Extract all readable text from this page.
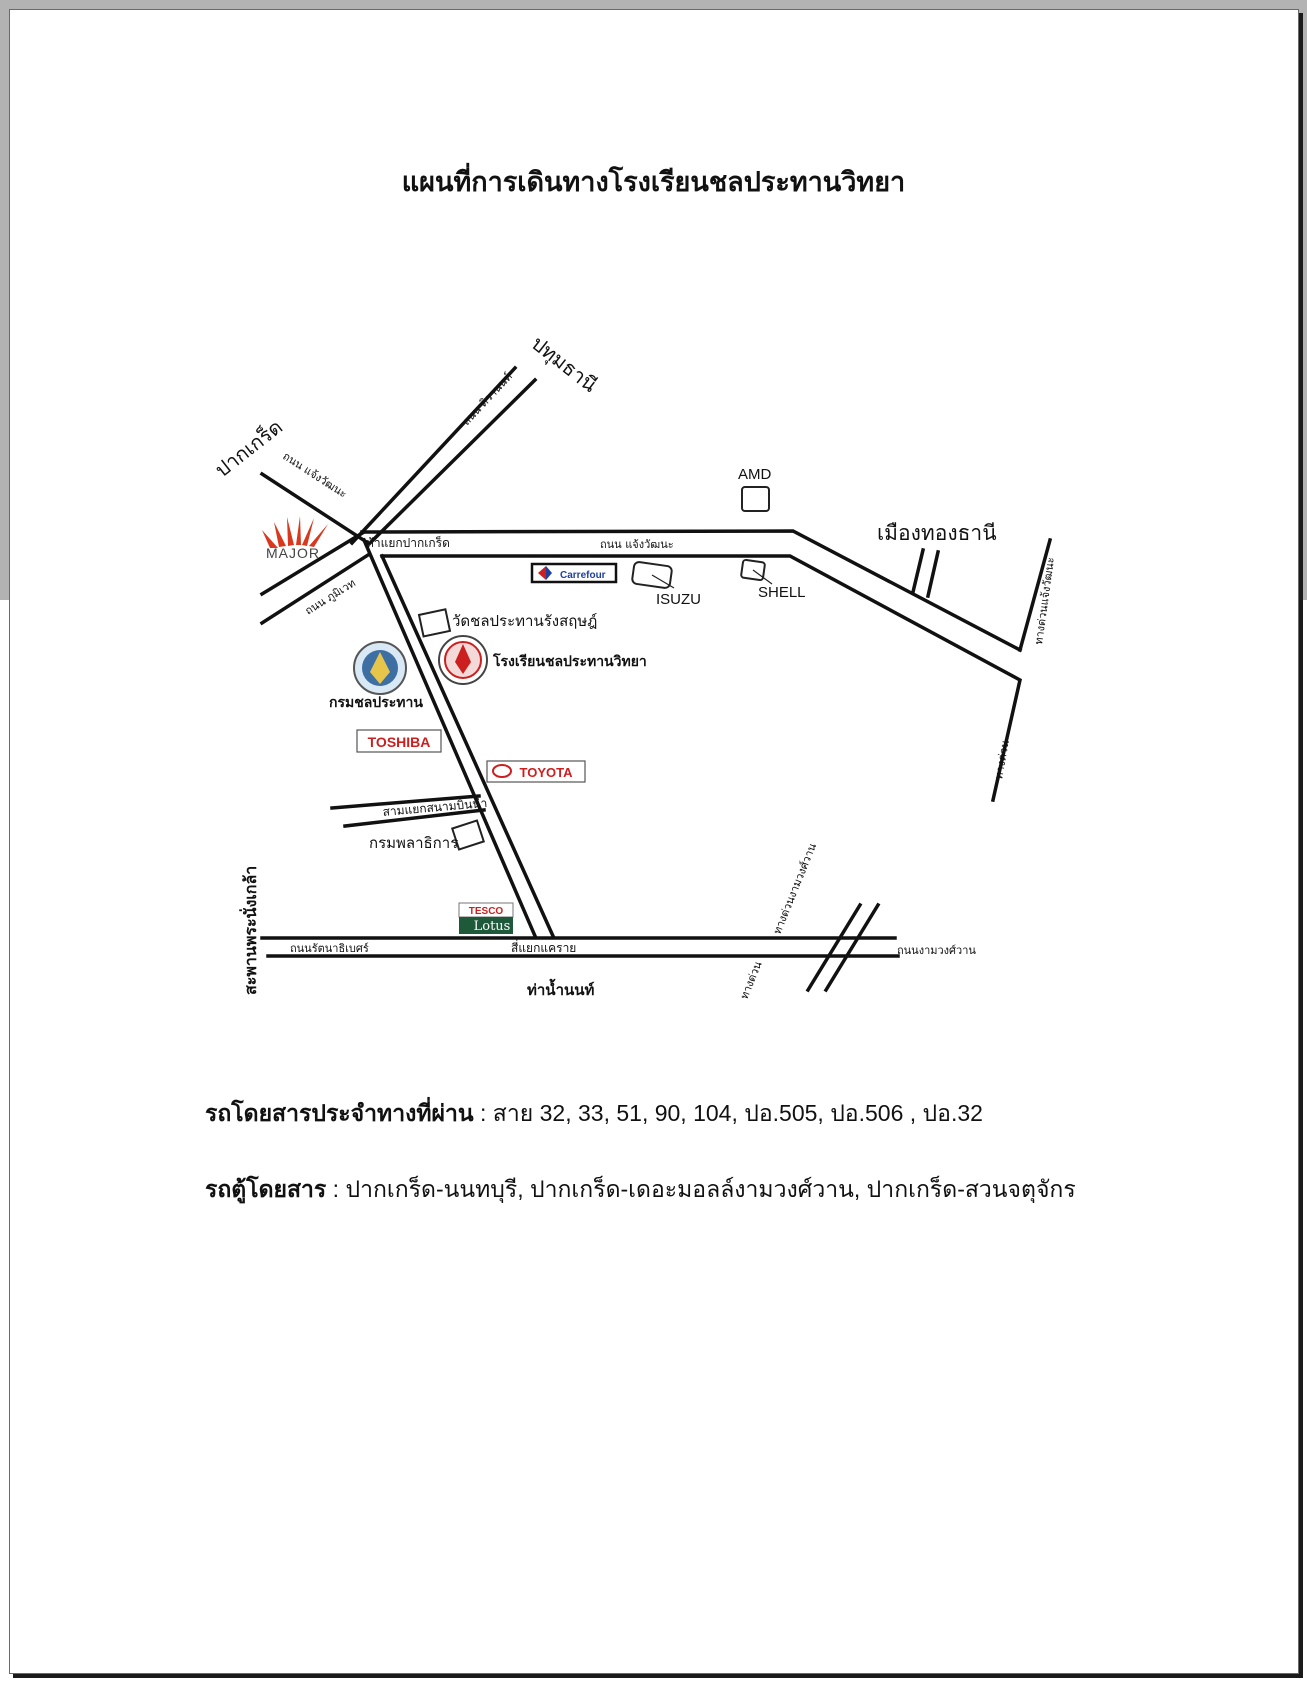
แผนที่การเดินทางโรงเรียนชลประทานวิทยา
MAJOR
Carrefour
TOSHIBA
TOYOTA
TESCO
Lotus
ปากเกร็ด
ปทุมธานี
เมืองทองธานี
ท่าน้ำนนท์
สะพานพระนั่งเกล้า
ถนน แจ้งวัฒนะ
ถนน แจ้งวัฒนะ
ถนน ติวานนท์
ถนน ภูมิเวท	ทางด่วนแจ้งวัฒนะ
ทางด่วน
ทางด่วนงามวงศ์วาน
ทางด่วน
ถนนรัตนาธิเบศร์	ถนนงามวงศ์วาน
ห้าแยกปากเกร็ด
สามแยกสนามบินน้ำ
สี่แยกแคราย
วัดชลประทานรังสฤษฎ์
โรงเรียนชลประทานวิทยา
กรมชลประทาน
กรมพลาธิการ
AMD
ISUZU	SHELL
รถโดยสารประจำทางที่ผ่าน : สาย 32, 33, 51, 90, 104, ปอ.505, ปอ.506 , ปอ.32
รถตู้โดยสาร : ปากเกร็ด-นนทบุรี, ปากเกร็ด-เดอะมอลล์งามวงศ์วาน, ปากเกร็ด-สวนจตุจักร
